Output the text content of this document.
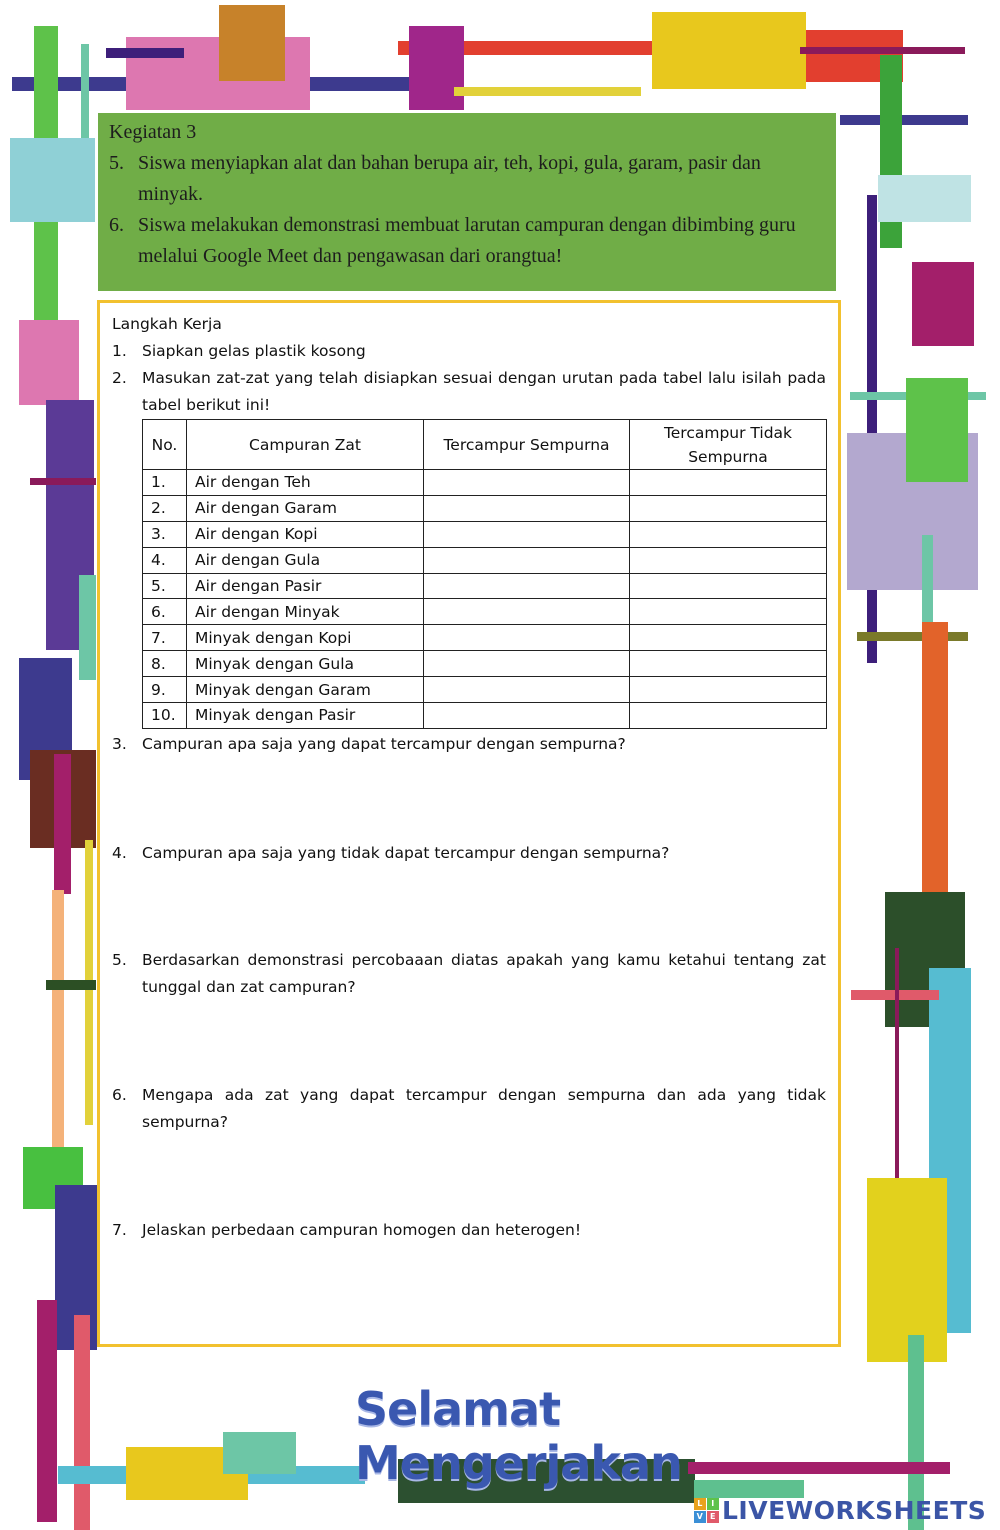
Kegiatan 3
5. Siswa menyiapkan alat dan bahan berupa air, teh, kopi, gula, garam, pasir dan minyak.
6. Siswa melakukan demonstrasi membuat larutan campuran dengan dibimbing guru melalui Google Meet dan pengawasan dari orangtua!
Langkah Kerja
1. Siapkan gelas plastik kosong
2. Masukan zat-zat yang telah disiapkan sesuai dengan urutan pada tabel lalu isilah pada tabel berikut ini!
No.	Campuran Zat	Tercampur Sempurna	Tercampur Tidak Sempurna
1.	Air dengan Teh		
2.	Air dengan Garam		
3.	Air dengan Kopi		
4.	Air dengan Gula		
5.	Air dengan Pasir		
6.	Air dengan Minyak		
7.	Minyak dengan Kopi		
8.	Minyak dengan Gula		
9.	Minyak dengan Garam		
10.	Minyak dengan Pasir		
3. Campuran apa saja yang dapat tercampur dengan sempurna?
4. Campuran apa saja yang tidak dapat tercampur dengan sempurna?
5. Berdasarkan demonstrasi percobaaan diatas apakah yang kamu ketahui tentang zat tunggal dan zat campuran?
6. Mengapa ada zat yang dapat tercampur dengan sempurna dan ada yang tidak sempurna?
7. Jelaskan perbedaan campuran homogen dan heterogen!
Selamat Mengerjakan
L	I
V E LIVEWORKSHEETS
